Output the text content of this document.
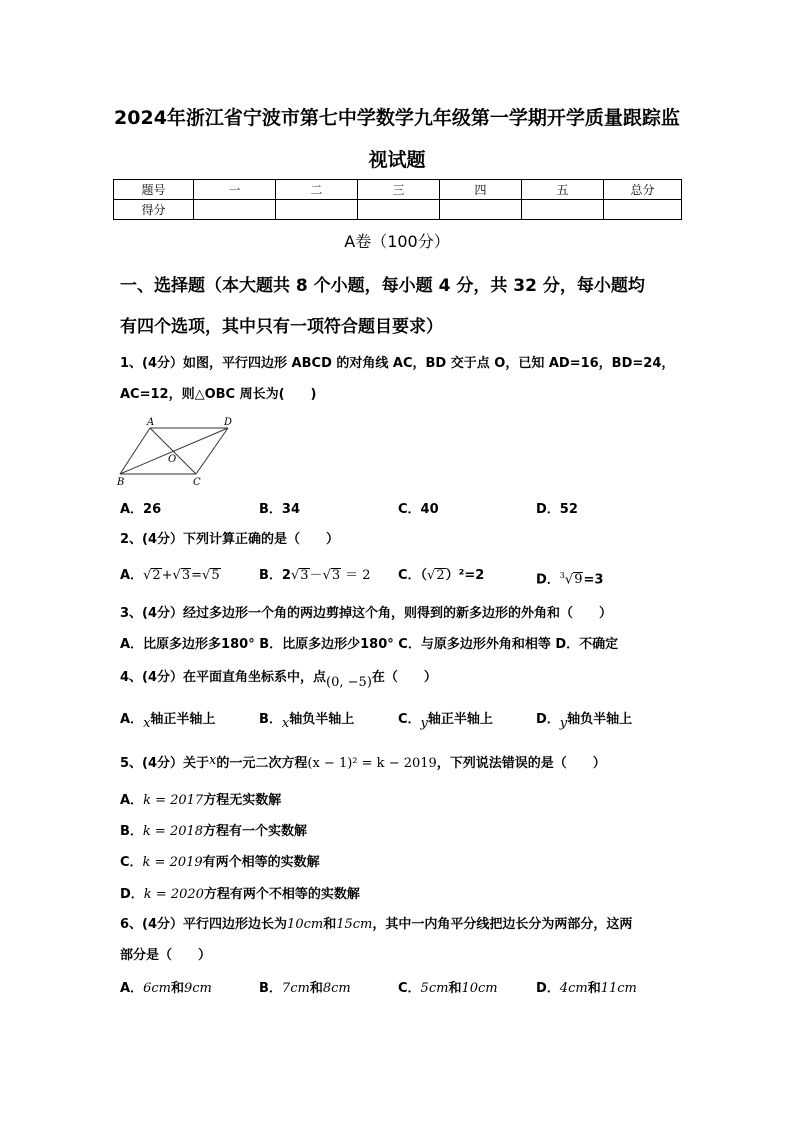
2024年浙江省宁波市第七中学数学九年级第一学期开学质量跟踪监
视试题
题号	一	二	三	四	五	总分
得分						
A卷（100分）
一、选择题（本大题共 8 个小题，每小题 4 分，共 32 分，每小题均
有四个选项，其中只有一项符合题目要求）
1、(4分）如图，平行四边形 ABCD 的对角线 AC，BD 交于点 O，已知 AD=16，BD=24，
AC=12，则△OBC 周长为(　　)
A	D
O
B	C
A．26	B．34	C．40	D．52
2、(4分）下列计算正确的是（　　）
A．√2+√3=√5	B．2√3－√3 ＝ 2 C．（√2）²=2	D．$^3$√9=3
3、(4分）经过多边形一个角的两边剪掉这个角，则得到的新多边形的外角和（　　）
A．比原多边形多180° B．比原多边形少180° C．与原多边形外角和相等 D．不确定
4、(4分）在平面直角坐标系中，点(0, −5)在（　　）
A．x轴正半轴上	B．x轴负半轴上	C．y轴正半轴上	D．y轴负半轴上
5、(4分）关于x的一元二次方程(x − 1)² = k − 2019，下列说法错误的是（　　）
A．k = 2017方程无实数解
B．k = 2018方程有一个实数解
C．k = 2019有两个相等的实数解
D．k = 2020方程有两个不相等的实数解
6、(4分）平行四边形边长为10cm和15cm，其中一内角平分线把边长分为两部分，这两
部分是（　　）
A．6cm和9cm	B．7cm和8cm	C．5cm和10cm	D．4cm和11cm
